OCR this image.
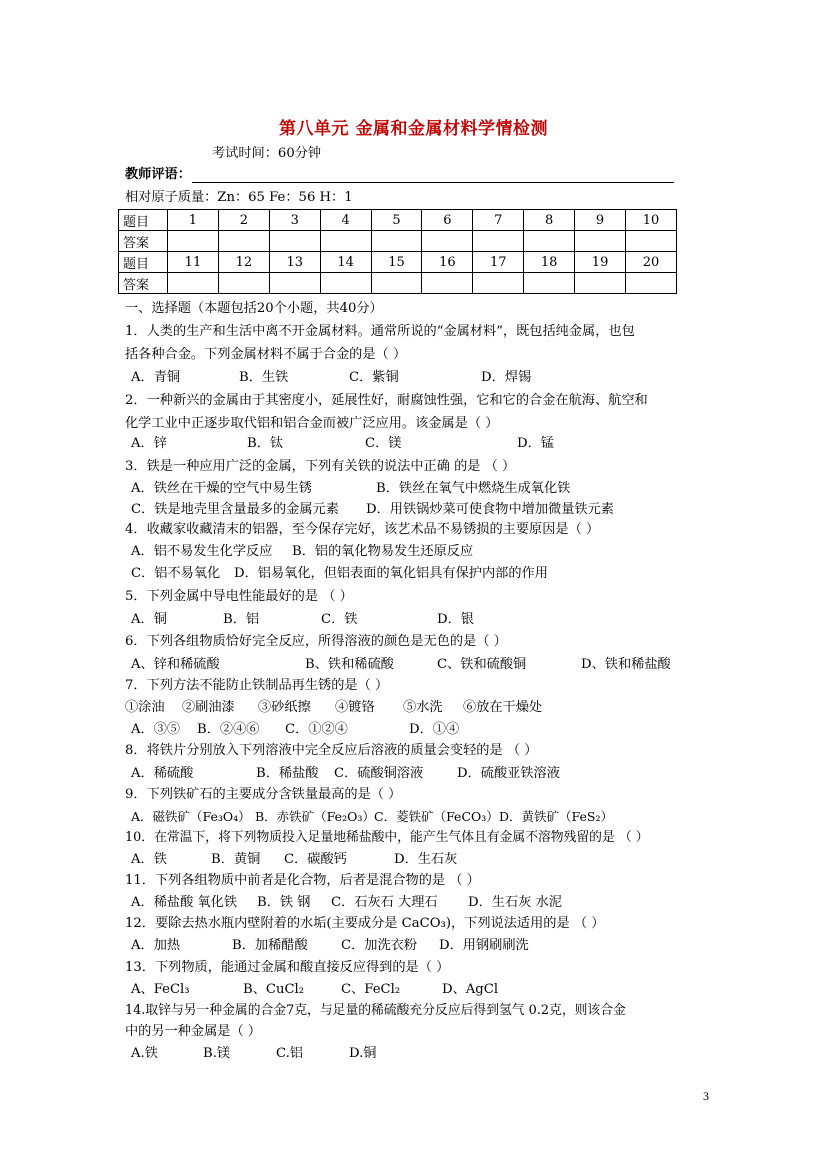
第八单元 金属和金属材料学情检测
考试时间：60分钟
教师评语：
相对原子质量：Zn：65 Fe：56 H：1
题目	1	2	3	4	5	6	7	8	9	10
答案										
题目	11	12	13	14	15	16	17	18	19	20
答案										
一、选择题（本题包括20个小题，共40分）
1．人类的生产和生活中离不开金属材料。通常所说的“金属材料”，既包括纯金属，也包
括各种合金。下列金属材料不属于合金的是（ ）
A．青铜	B．生铁	C．紫铜	D．焊锡
2．一种新兴的金属由于其密度小，延展性好，耐腐蚀性强，它和它的合金在航海、航空和
化学工业中正逐步取代铝和铝合金而被广泛应用。该金属是（ ）
A．锌	B．钛	C．镁	D．锰
3．铁是一种应用广泛的金属，下列有关铁的说法中正确 的是 （ ）
A．铁丝在干燥的空气中易生锈	B．铁丝在氧气中燃烧生成氧化铁
C．铁是地壳里含量最多的金属元素 D．用铁锅炒菜可使食物中增加微量铁元素
4．收藏家收藏清末的铝器，至今保存完好，该艺术品不易锈损的主要原因是（ ）
A．铝不易发生化学反应 B．铝的氧化物易发生还原反应
C．铝不易氧化 D．铝易氧化，但铝表面的氧化铝具有保护内部的作用
5．下列金属中导电性能最好的是 （ ）
A．铜	B．铝	C．铁	D．银
6．下列各组物质恰好完全反应，所得溶液的颜色是无色的是（ ）
A、锌和稀硫酸	B、铁和稀硫酸	C、铁和硫酸铜	D、铁和稀盐酸
7．下列方法不能防止铁制品再生锈的是（ ）
①涂油 ②刷油漆 ③砂纸擦 ④镀铬 ⑤水洗 ⑥放在干燥处
A．③⑤ B．②④⑥ C．①②④	D．①④
8．将铁片分别放入下列溶液中完全反应后溶液的质量会变轻的是 （ ）
A．稀硫酸	B．稀盐酸 C．硫酸铜溶液	D．硫酸亚铁溶液
9．下列铁矿石的主要成分含铁量最高的是（ ）
A．磁铁矿（Fe₃O₄） B．赤铁矿（Fe₂O₃） C．菱铁矿（FeCO₃） D．黄铁矿（FeS₂）
10．在常温下，将下列物质投入足量地稀盐酸中，能产生气体且有金属不溶物残留的是 （ ）
A．铁	B．黄铜 C．碳酸钙	D．生石灰
11．下列各组物质中前者是化合物，后者是混合物的是 （ ）
A．稀盐酸 氧化铁 B．铁 钢 C．石灰石 大理石 D．生石灰 水泥
12．要除去热水瓶内壁附着的水垢(主要成分是 CaCO₃)，下列说法适用的是 （ ）
A．加热	B．加稀醋酸	C．加洗衣粉 D．用钢刷刷洗
13．下列物质，能通过金属和酸直接反应得到的是（ ）
A、FeCl₃	B、CuCl₂	C、FeCl₂	D、AgCl
14.取锌与另一种金属的合金7克，与足量的稀硫酸充分反应后得到氢气 0.2克，则该合金
中的另一种金属是（ ）
A.铁	B.镁	C.铝	D.铜
3
